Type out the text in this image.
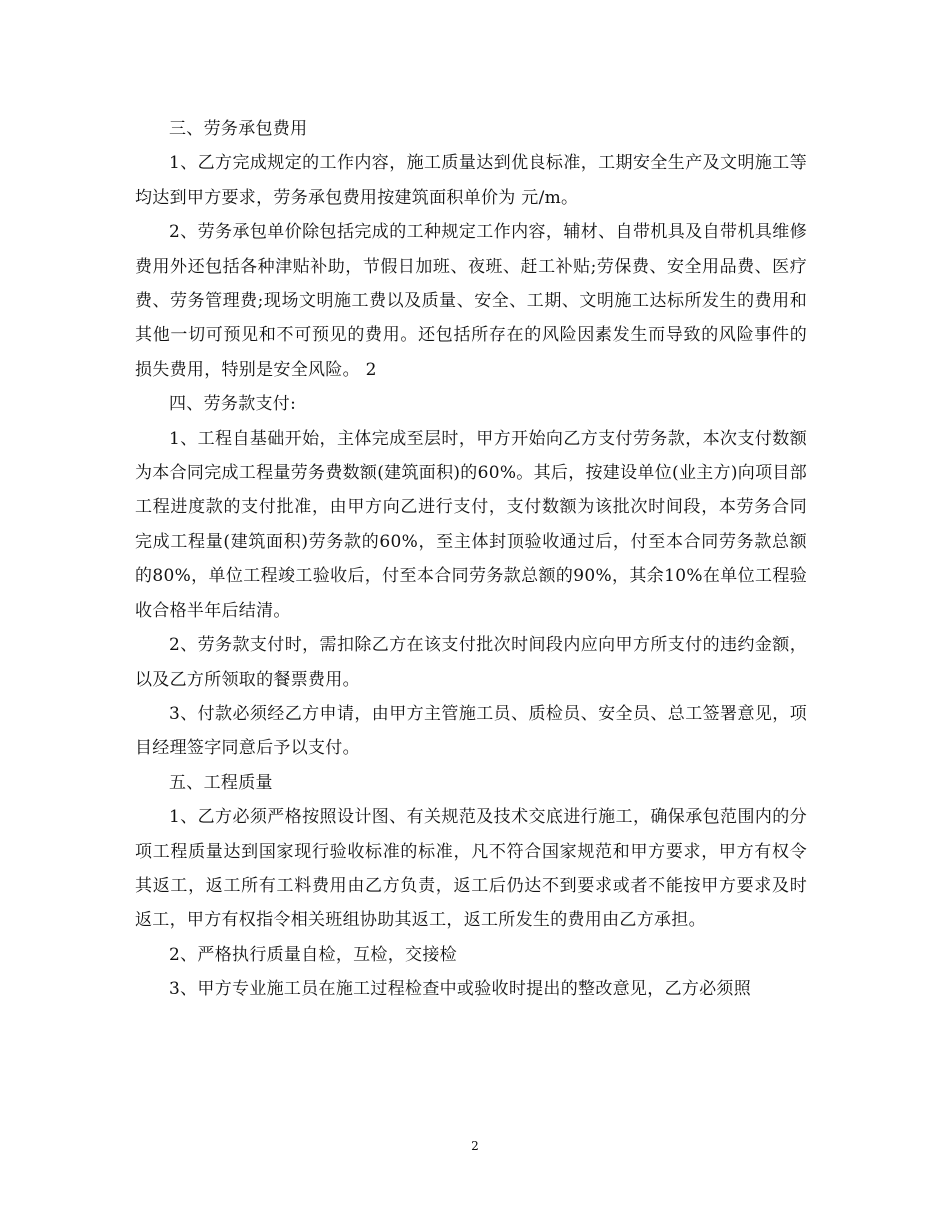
三、劳务承包费用

1、乙方完成规定的工作内容，施工质量达到优良标准，工期安全生产及文明施工等均达到甲方要求，劳务承包费用按建筑面积单价为 元/m。

2、劳务承包单价除包括完成的工种规定工作内容，辅材、自带机具及自带机具维修费用外还包括各种津贴补助，节假日加班、夜班、赶工补贴;劳保费、安全用品费、医疗费、劳务管理费;现场文明施工费以及质量、安全、工期、文明施工达标所发生的费用和其他一切可预见和不可预见的费用。还包括所存在的风险因素发生而导致的风险事件的损失费用，特别是安全风险。 2

四、劳务款支付:

1、工程自基础开始，主体完成至层时，甲方开始向乙方支付劳务款，本次支付数额为本合同完成工程量劳务费数额(建筑面积)的60%。其后，按建设单位(业主方)向项目部工程进度款的支付批准，由甲方向乙进行支付，支付数额为该批次时间段，本劳务合同完成工程量(建筑面积)劳务款的60%，至主体封顶验收通过后，付至本合同劳务款总额的80%，单位工程竣工验收后，付至本合同劳务款总额的90%，其余10%在单位工程验收合格半年后结清。

2、劳务款支付时，需扣除乙方在该支付批次时间段内应向甲方所支付的违约金额，以及乙方所领取的餐票费用。

3、付款必须经乙方申请，由甲方主管施工员、质检员、安全员、总工签署意见，项目经理签字同意后予以支付。

五、工程质量

1、乙方必须严格按照设计图、有关规范及技术交底进行施工，确保承包范围内的分项工程质量达到国家现行验收标准的标准，凡不符合国家规范和甲方要求，甲方有权令其返工，返工所有工料费用由乙方负责，返工后仍达不到要求或者不能按甲方要求及时返工，甲方有权指令相关班组协助其返工，返工所发生的费用由乙方承担。

2、严格执行质量自检，互检，交接检

3、甲方专业施工员在施工过程检查中或验收时提出的整改意见，乙方必须照

2
